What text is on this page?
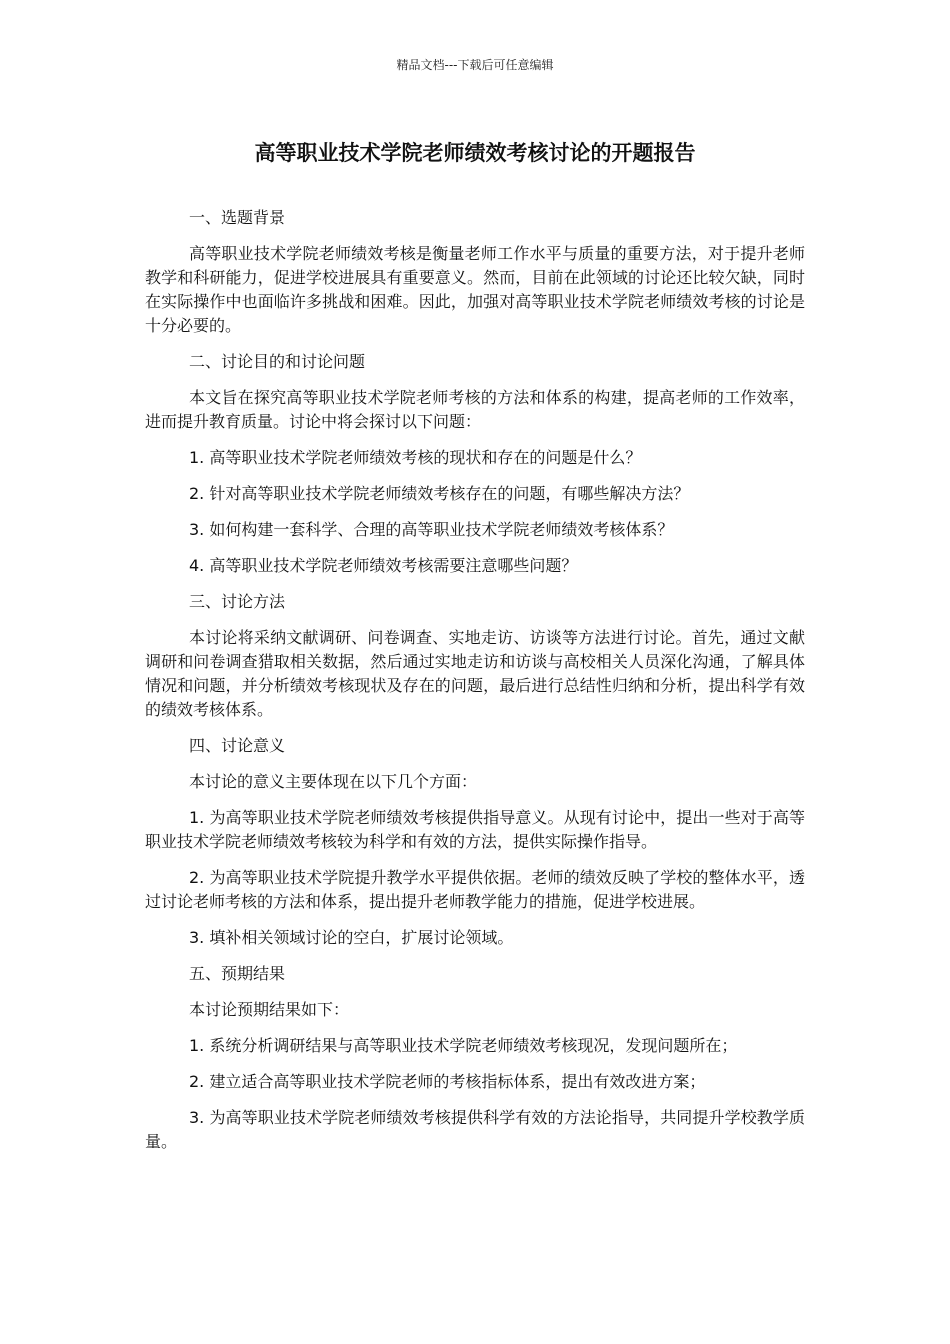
精品文档---下载后可任意编辑
高等职业技术学院老师绩效考核讨论的开题报告

一、选题背景

高等职业技术学院老师绩效考核是衡量老师工作水平与质量的重要方法，对于提升老师教学和科研能力，促进学校进展具有重要意义。然而，目前在此领域的讨论还比较欠缺，同时在实际操作中也面临许多挑战和困难。因此，加强对高等职业技术学院老师绩效考核的讨论是十分必要的。

二、讨论目的和讨论问题

本文旨在探究高等职业技术学院老师考核的方法和体系的构建，提高老师的工作效率，进而提升教育质量。讨论中将会探讨以下问题：

1. 高等职业技术学院老师绩效考核的现状和存在的问题是什么？

2. 针对高等职业技术学院老师绩效考核存在的问题，有哪些解决方法？

3. 如何构建一套科学、合理的高等职业技术学院老师绩效考核体系？

4. 高等职业技术学院老师绩效考核需要注意哪些问题？

三、讨论方法

本讨论将采纳文献调研、问卷调查、实地走访、访谈等方法进行讨论。首先，通过文献调研和问卷调查猎取相关数据，然后通过实地走访和访谈与高校相关人员深化沟通，了解具体情况和问题，并分析绩效考核现状及存在的问题，最后进行总结性归纳和分析，提出科学有效的绩效考核体系。

四、讨论意义

本讨论的意义主要体现在以下几个方面：

1. 为高等职业技术学院老师绩效考核提供指导意义。从现有讨论中，提出一些对于高等职业技术学院老师绩效考核较为科学和有效的方法，提供实际操作指导。

2. 为高等职业技术学院提升教学水平提供依据。老师的绩效反映了学校的整体水平，透过讨论老师考核的方法和体系，提出提升老师教学能力的措施，促进学校进展。

3. 填补相关领域讨论的空白，扩展讨论领域。

五、预期结果

本讨论预期结果如下：

1. 系统分析调研结果与高等职业技术学院老师绩效考核现况，发现问题所在；

2. 建立适合高等职业技术学院老师的考核指标体系，提出有效改进方案；

3. 为高等职业技术学院老师绩效考核提供科学有效的方法论指导，共同提升学校教学质量。
